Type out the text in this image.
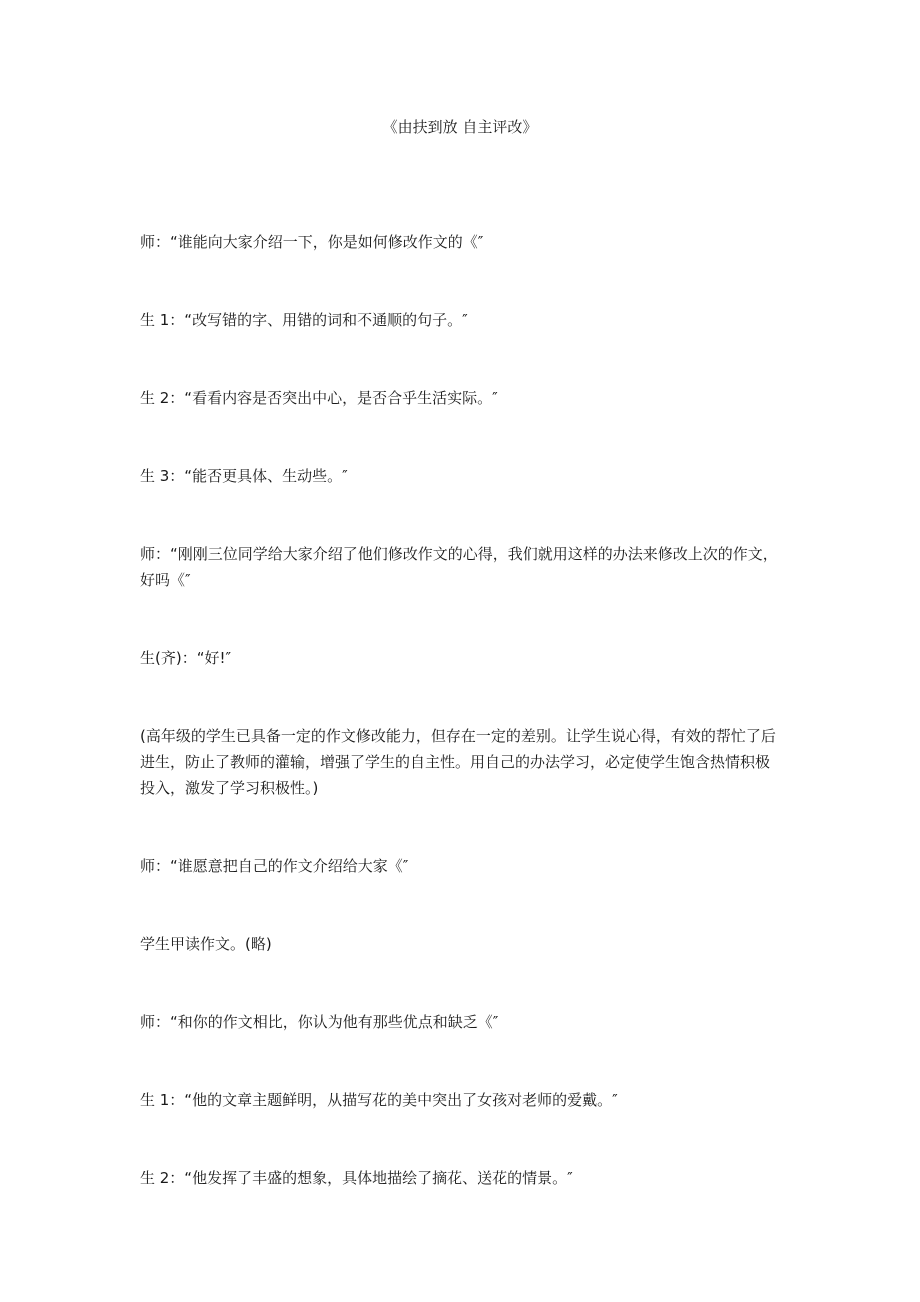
《由扶到放 自主评改》

师：“谁能向大家介绍一下，你是如何修改作文的《″

生 1：“改写错的字、用错的词和不通顺的句子。″

生 2：“看看内容是否突出中心，是否合乎生活实际。″

生 3：“能否更具体、生动些。″

师：“刚刚三位同学给大家介绍了他们修改作文的心得，我们就用这样的办法来修改上次的作文，好吗《″

生(齐)：“好!″

(高年级的学生已具备一定的作文修改能力，但存在一定的差别。让学生说心得，有效的帮忙了后进生，防止了教师的灌输，增强了学生的自主性。用自己的办法学习，必定使学生饱含热情积极投入，激发了学习积极性。)

师：“谁愿意把自己的作文介绍给大家《″

学生甲读作文。(略)

师：“和你的作文相比，你认为他有那些优点和缺乏《″

生 1：“他的文章主题鲜明，从描写花的美中突出了女孩对老师的爱戴。″

生 2：“他发挥了丰盛的想象，具体地描绘了摘花、送花的情景。″
